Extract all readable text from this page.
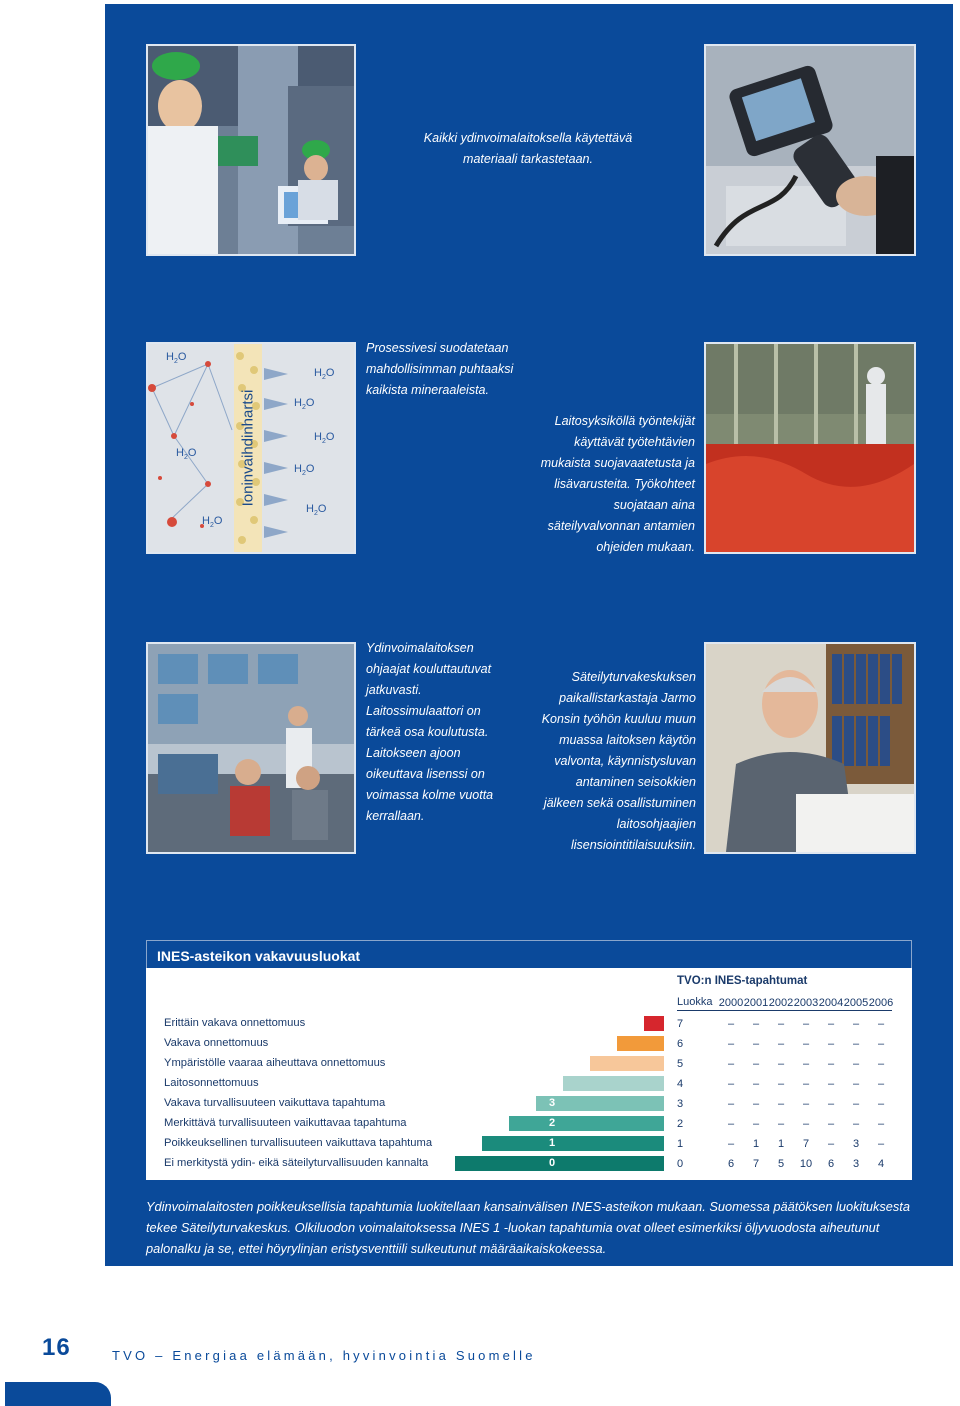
Kaikki ydinvoimalaitoksella käytettävä materiaali tarkastetaan.
$H_2O$
$H_2O$
$H_2O$
$H_2O$
$H_2O$
$H_2O$
$H_2O$
$H_2O$
Ioninvaihdinhartsi
Prosessivesi suodatetaan mahdollisimman puhtaaksi kaikista mineraaleista.
Laitosyksiköllä työntekijät käyttävät työtehtävien mukaista suojavaatetusta ja lisävarusteita. Työkohteet suojataan aina säteilyvalvonnan antamien ohjeiden mukaan.
Ydinvoimalaitoksen ohjaajat kouluttautuvat jatkuvasti. Laitossimulaattori on tärkeä osa koulutusta. Laitokseen ajoon oikeuttava lisenssi on voimassa kolme vuotta kerrallaan.
Säteilyturvakeskuksen paikallistarkastaja Jarmo Konsin työhön kuuluu muun muassa laitoksen käytön valvonta, käynnistysluvan antaminen seisokkien jälkeen sekä osallistuminen laitosohjaajien lisensiointitilaisuuksiin.
INES-asteikon vakavuusluokat
TVO:n INES-tapahtumat
Luokka 2000 2001 2002 2003 2004 2005 2006
Erittäin vakava onnettomuus	7	7	–	–	–	–	–	–	–
Vakava onnettomuus	6	6	–	–	–	–	–	–	–
Ympäristölle vaaraa aiheuttava onnettomuus	5	5	–	–	–	–	–	–	–
Laitosonnettomuus	4	4	–	–	–	–	–	–	–
Vakava turvallisuuteen vaikuttava tapahtuma	3	3	–	–	–	–	–	–	–
Merkittävä turvallisuuteen vaikuttavaa tapahtuma	2	2	–	–	–	–	–	–	–
Poikkeuksellinen turvallisuuteen vaikuttava tapahtuma	1	1	–	1	1	7	–	3	–
Ei merkitystä ydin- eikä säteilyturvallisuuden kannalta	0	0	6	7	5	10	6	3	4
Ydinvoimalaitosten poikkeuksellisia tapahtumia luokitellaan kansainvälisen INES-asteikon mukaan. Suomessa päätöksen luokituksesta tekee Säteilyturvakeskus. Olkiluodon voimalaitoksessa INES 1 -luokan tapahtumia ovat olleet esimerkiksi öljyvuodosta aiheutunut palonalku ja se, ettei höyrylinjan eristysventtiili sulkeutunut määräaikaiskokeessa.
16	TVO – Energiaa elämään, hyvinvointia Suomelle
